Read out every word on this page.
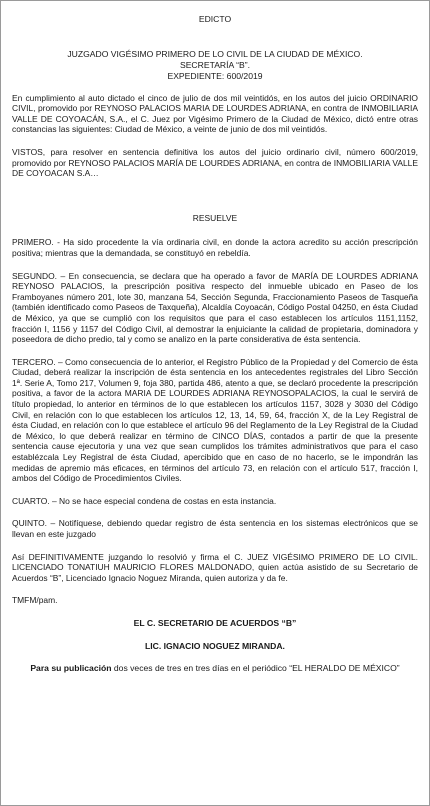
EDICTO
JUZGADO VIGÉSIMO PRIMERO DE LO CIVIL DE LA CIUDAD DE MÉXICO.
SECRETARÍA “B”.
EXPEDIENTE: 600/2019

En cumplimiento al auto dictado el cinco de julio de dos mil veintidós, en los autos del juicio ORDINARIO CIVIL, promovido por REYNOSO PALACIOS MARIA DE LOURDES ADRIANA, en contra de INMOBILIARIA VALLE DE COYOACÁN, S.A., el C. Juez por Vigésimo Primero de la Ciudad de México, dictó entre otras constancias las siguientes: Ciudad de México, a veinte de junio de dos mil veintidós.

VISTOS, para resolver en sentencia definitiva los autos del juicio ordinario civil, número 600/2019, promovido por REYNOSO PALACIOS MARÍA DE LOURDES ADRIANA, en contra de INMOBILIARIA VALLE DE COYOACAN S.A…

RESUELVE

PRIMERO. - Ha sido procedente la vía ordinaria civil, en donde la actora acredito su acción prescripción positiva; mientras que la demandada, se constituyó en rebeldía.

SEGUNDO. – En consecuencia, se declara que ha operado a favor de MARÍA DE LOURDES ADRIANA REYNOSO PALACIOS, la prescripción positiva respecto del inmueble ubicado en Paseo de los Framboyanes número 201, lote 30, manzana 54, Sección Segunda, Fraccionamiento Paseos de Tasqueña (también identificado como Paseos de Taxqueña), Alcaldía Coyoacán, Código Postal 04250, en ésta Ciudad de México, ya que se cumplió con los requisitos que para el caso establecen los artículos 1151,1152, fracción I, 1156 y 1157 del Código Civil, al demostrar la enjuiciante la calidad de propietaria, dominadora y poseedora de dicho predio, tal y como se analizo en la parte considerativa de ésta sentencia.

TERCERO. – Como consecuencia de lo anterior, el Registro Público de la Propiedad y del Comercio de ésta Ciudad, deberá realizar la inscripción de ésta sentencia en los antecedentes registrales del Libro Sección 1ª. Serie A, Tomo 217, Volumen 9, foja 380, partida 486, atento a que, se declaró procedente la prescripción positiva, a favor de la actora MARIA DE LOURDES ADRIANA REYNOSOPALACIOS, la cual le servirá de título propiedad, lo anterior en términos de lo que establecen los artículos 1157, 3028 y 3030 del Código Civil, en relación con lo que establecen los artículos 12, 13, 14, 59, 64, fracción X, de la Ley Registral de ésta Ciudad, en relación con lo que establece el artículo 96 del Reglamento de la Ley Registral de la Ciudad de México, lo que deberá realizar en término de CINCO DÍAS, contados a partir de que la presente sentencia cause ejecutoria y una vez que sean cumplidos los trámites administrativos que para el caso establézcala Ley Registral de ésta Ciudad, apercibido que en caso de no hacerlo, se le impondrán las medidas de apremio más eficaces, en términos del artículo 73, en relación con el artículo 517, fracción I, ambos del Código de Procedimientos Civiles.

CUARTO. – No se hace especial condena de costas en esta instancia.

QUINTO. – Notifíquese, debiendo quedar registro de ésta sentencia en los sistemas electrónicos que se llevan en este juzgado

Así DEFINITIVAMENTE juzgando lo resolvió y firma el C. JUEZ VIGÉSIMO PRIMERO DE LO CIVIL. LICENCIADO TONATIUH MAURICIO FLORES MALDONADO, quien actúa asistido de su Secretario de Acuerdos “B”, Licenciado Ignacio Noguez Miranda, quien autoriza y da fe.

TMFM/pam.

EL C. SECRETARIO DE ACUERDOS “B”
LIC. IGNACIO NOGUEZ MIRANDA.
Para su publicación dos veces de tres en tres días en el periódico “EL HERALDO DE MÉXICO”
